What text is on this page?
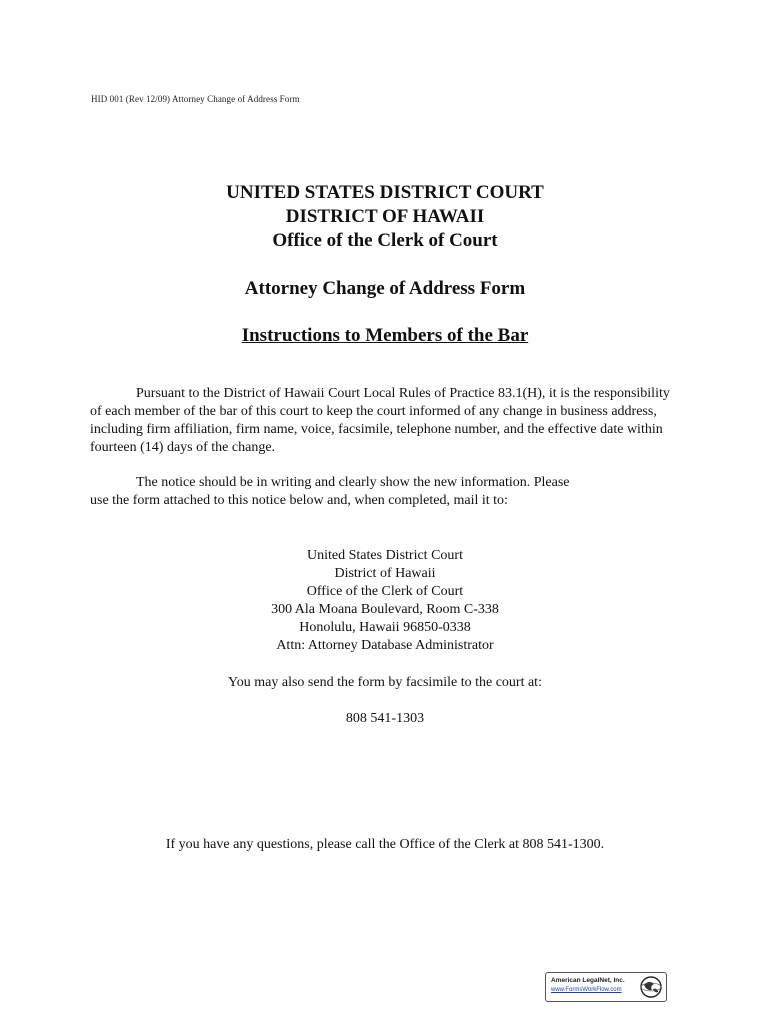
HID 001 (Rev 12/09) Attorney Change of Address Form
UNITED STATES DISTRICT COURT
DISTRICT OF HAWAII
Office of the Clerk of Court
Attorney Change of Address Form
Instructions to Members of the Bar

Pursuant to the District of Hawaii Court Local Rules of Practice 83.1(H), it is the responsibility of each member of the bar of this court to keep the court informed of any change in business address, including firm affiliation, firm name, voice, facsimile, telephone number, and the effective date within fourteen (14) days of the change.

The notice should be in writing and clearly show the new information. Please use the form attached to this notice below and, when completed, mail it to:

United States District Court
District of Hawaii
Office of the Clerk of Court
300 Ala Moana Boulevard, Room C-338
Honolulu, Hawaii 96850-0338
Attn: Attorney Database Administrator
You may also send the form by facsimile to the court at:
808 541-1303
If you have any questions, please call the Office of the Clerk at 808 541-1300.
American LegalNet, Inc.
www.FormsWorkFlow.com
